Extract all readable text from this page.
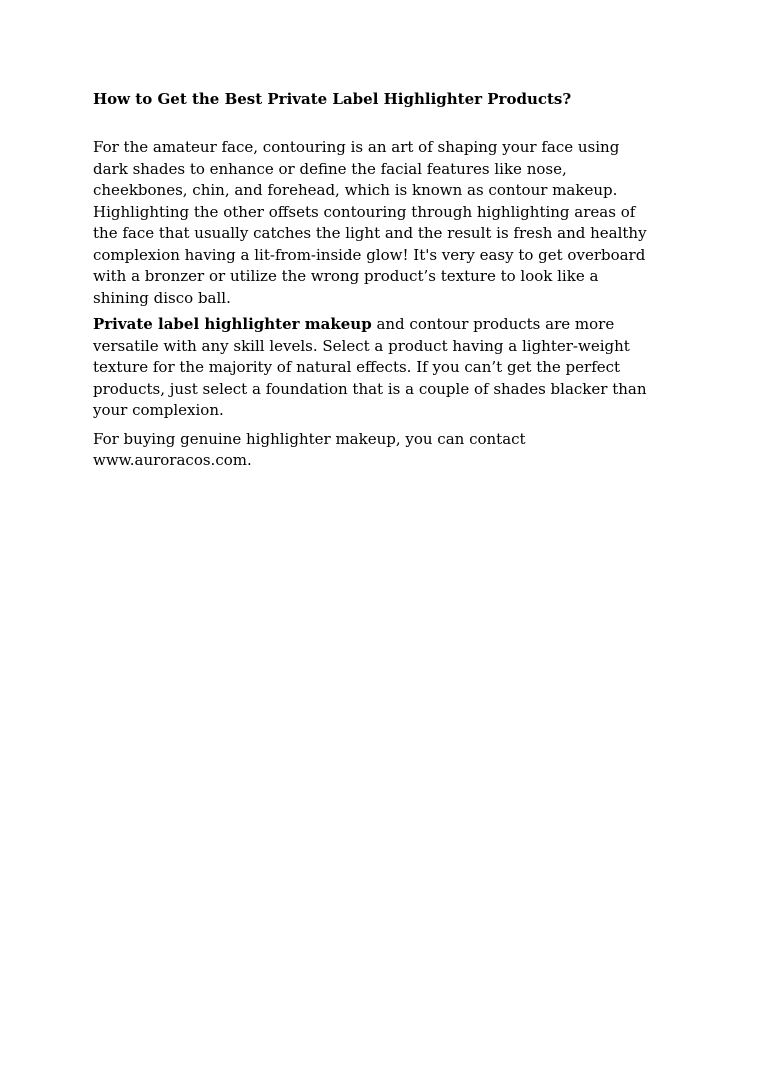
How to Get the Best Private Label Highlighter Products?

For the amateur face, contouring is an art of shaping your face using
dark shades to enhance or define the facial features like nose,
cheekbones, chin, and forehead, which is known as contour makeup.
Highlighting the other offsets contouring through highlighting areas of
the face that usually catches the light and the result is fresh and healthy
complexion having a lit-from-inside glow! It's very easy to get overboard
with a bronzer or utilize the wrong product’s texture to look like a
shining disco ball.

Private label highlighter makeup and contour products are more
versatile with any skill levels. Select a product having a lighter-weight
texture for the majority of natural effects. If you can’t get the perfect
products, just select a foundation that is a couple of shades blacker than
your complexion.

For buying genuine highlighter makeup, you can contact
www.auroracos.com.
